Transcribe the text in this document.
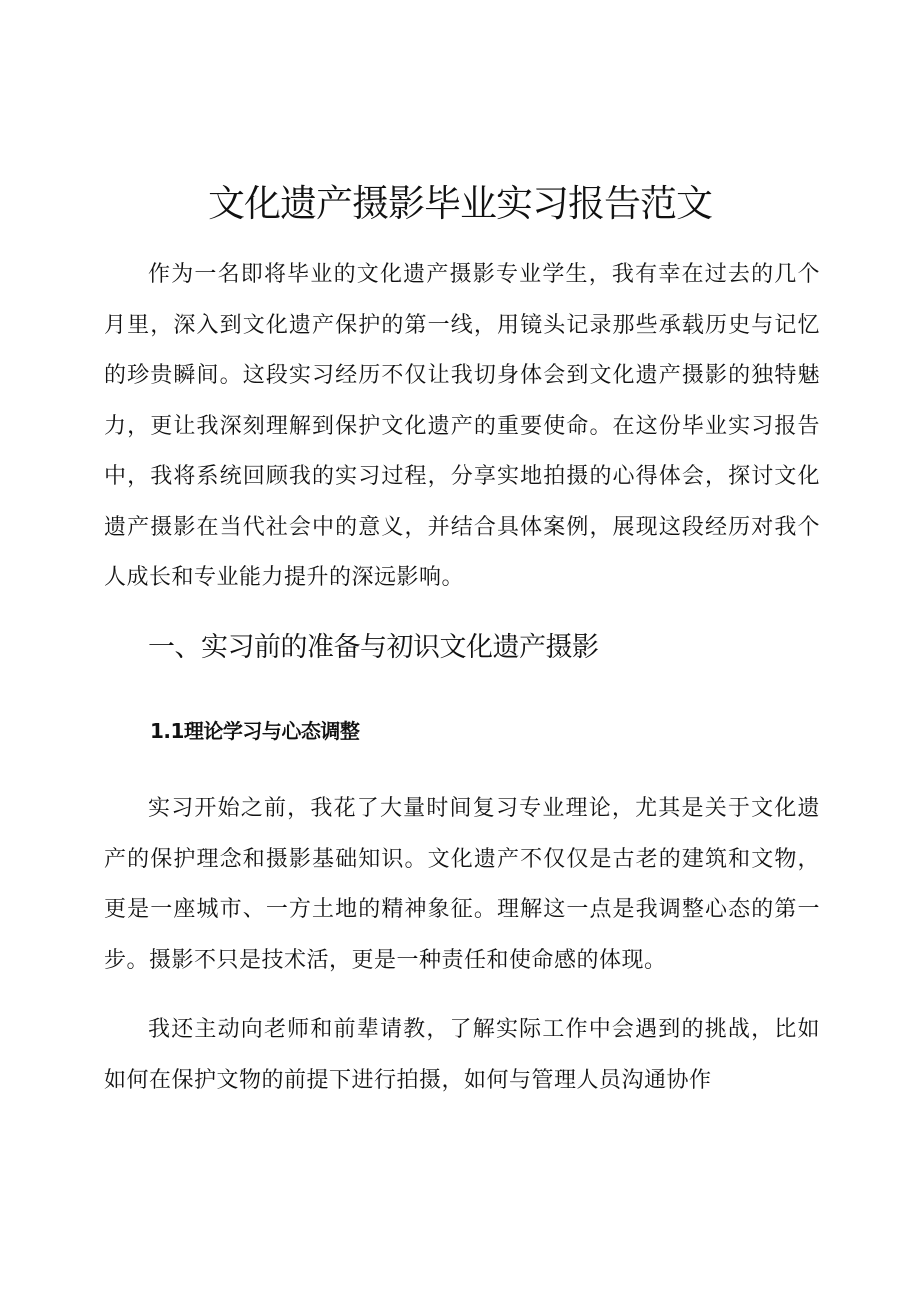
文化遗产摄影毕业实习报告范文

作为一名即将毕业的文化遗产摄影专业学生，我有幸在过去的几个月里，深入到文化遗产保护的第一线，用镜头记录那些承载历史与记忆的珍贵瞬间。这段实习经历不仅让我切身体会到文化遗产摄影的独特魅力，更让我深刻理解到保护文化遗产的重要使命。在这份毕业实习报告中，我将系统回顾我的实习过程，分享实地拍摄的心得体会，探讨文化遗产摄影在当代社会中的意义，并结合具体案例，展现这段经历对我个人成长和专业能力提升的深远影响。

一、实习前的准备与初识文化遗产摄影
1.1理论学习与心态调整

实习开始之前，我花了大量时间复习专业理论，尤其是关于文化遗产的保护理念和摄影基础知识。文化遗产不仅仅是古老的建筑和文物，更是一座城市、一方土地的精神象征。理解这一点是我调整心态的第一步。摄影不只是技术活，更是一种责任和使命感的体现。

我还主动向老师和前辈请教，了解实际工作中会遇到的挑战，比如如何在保护文物的前提下进行拍摄，如何与管理人员沟通协作
